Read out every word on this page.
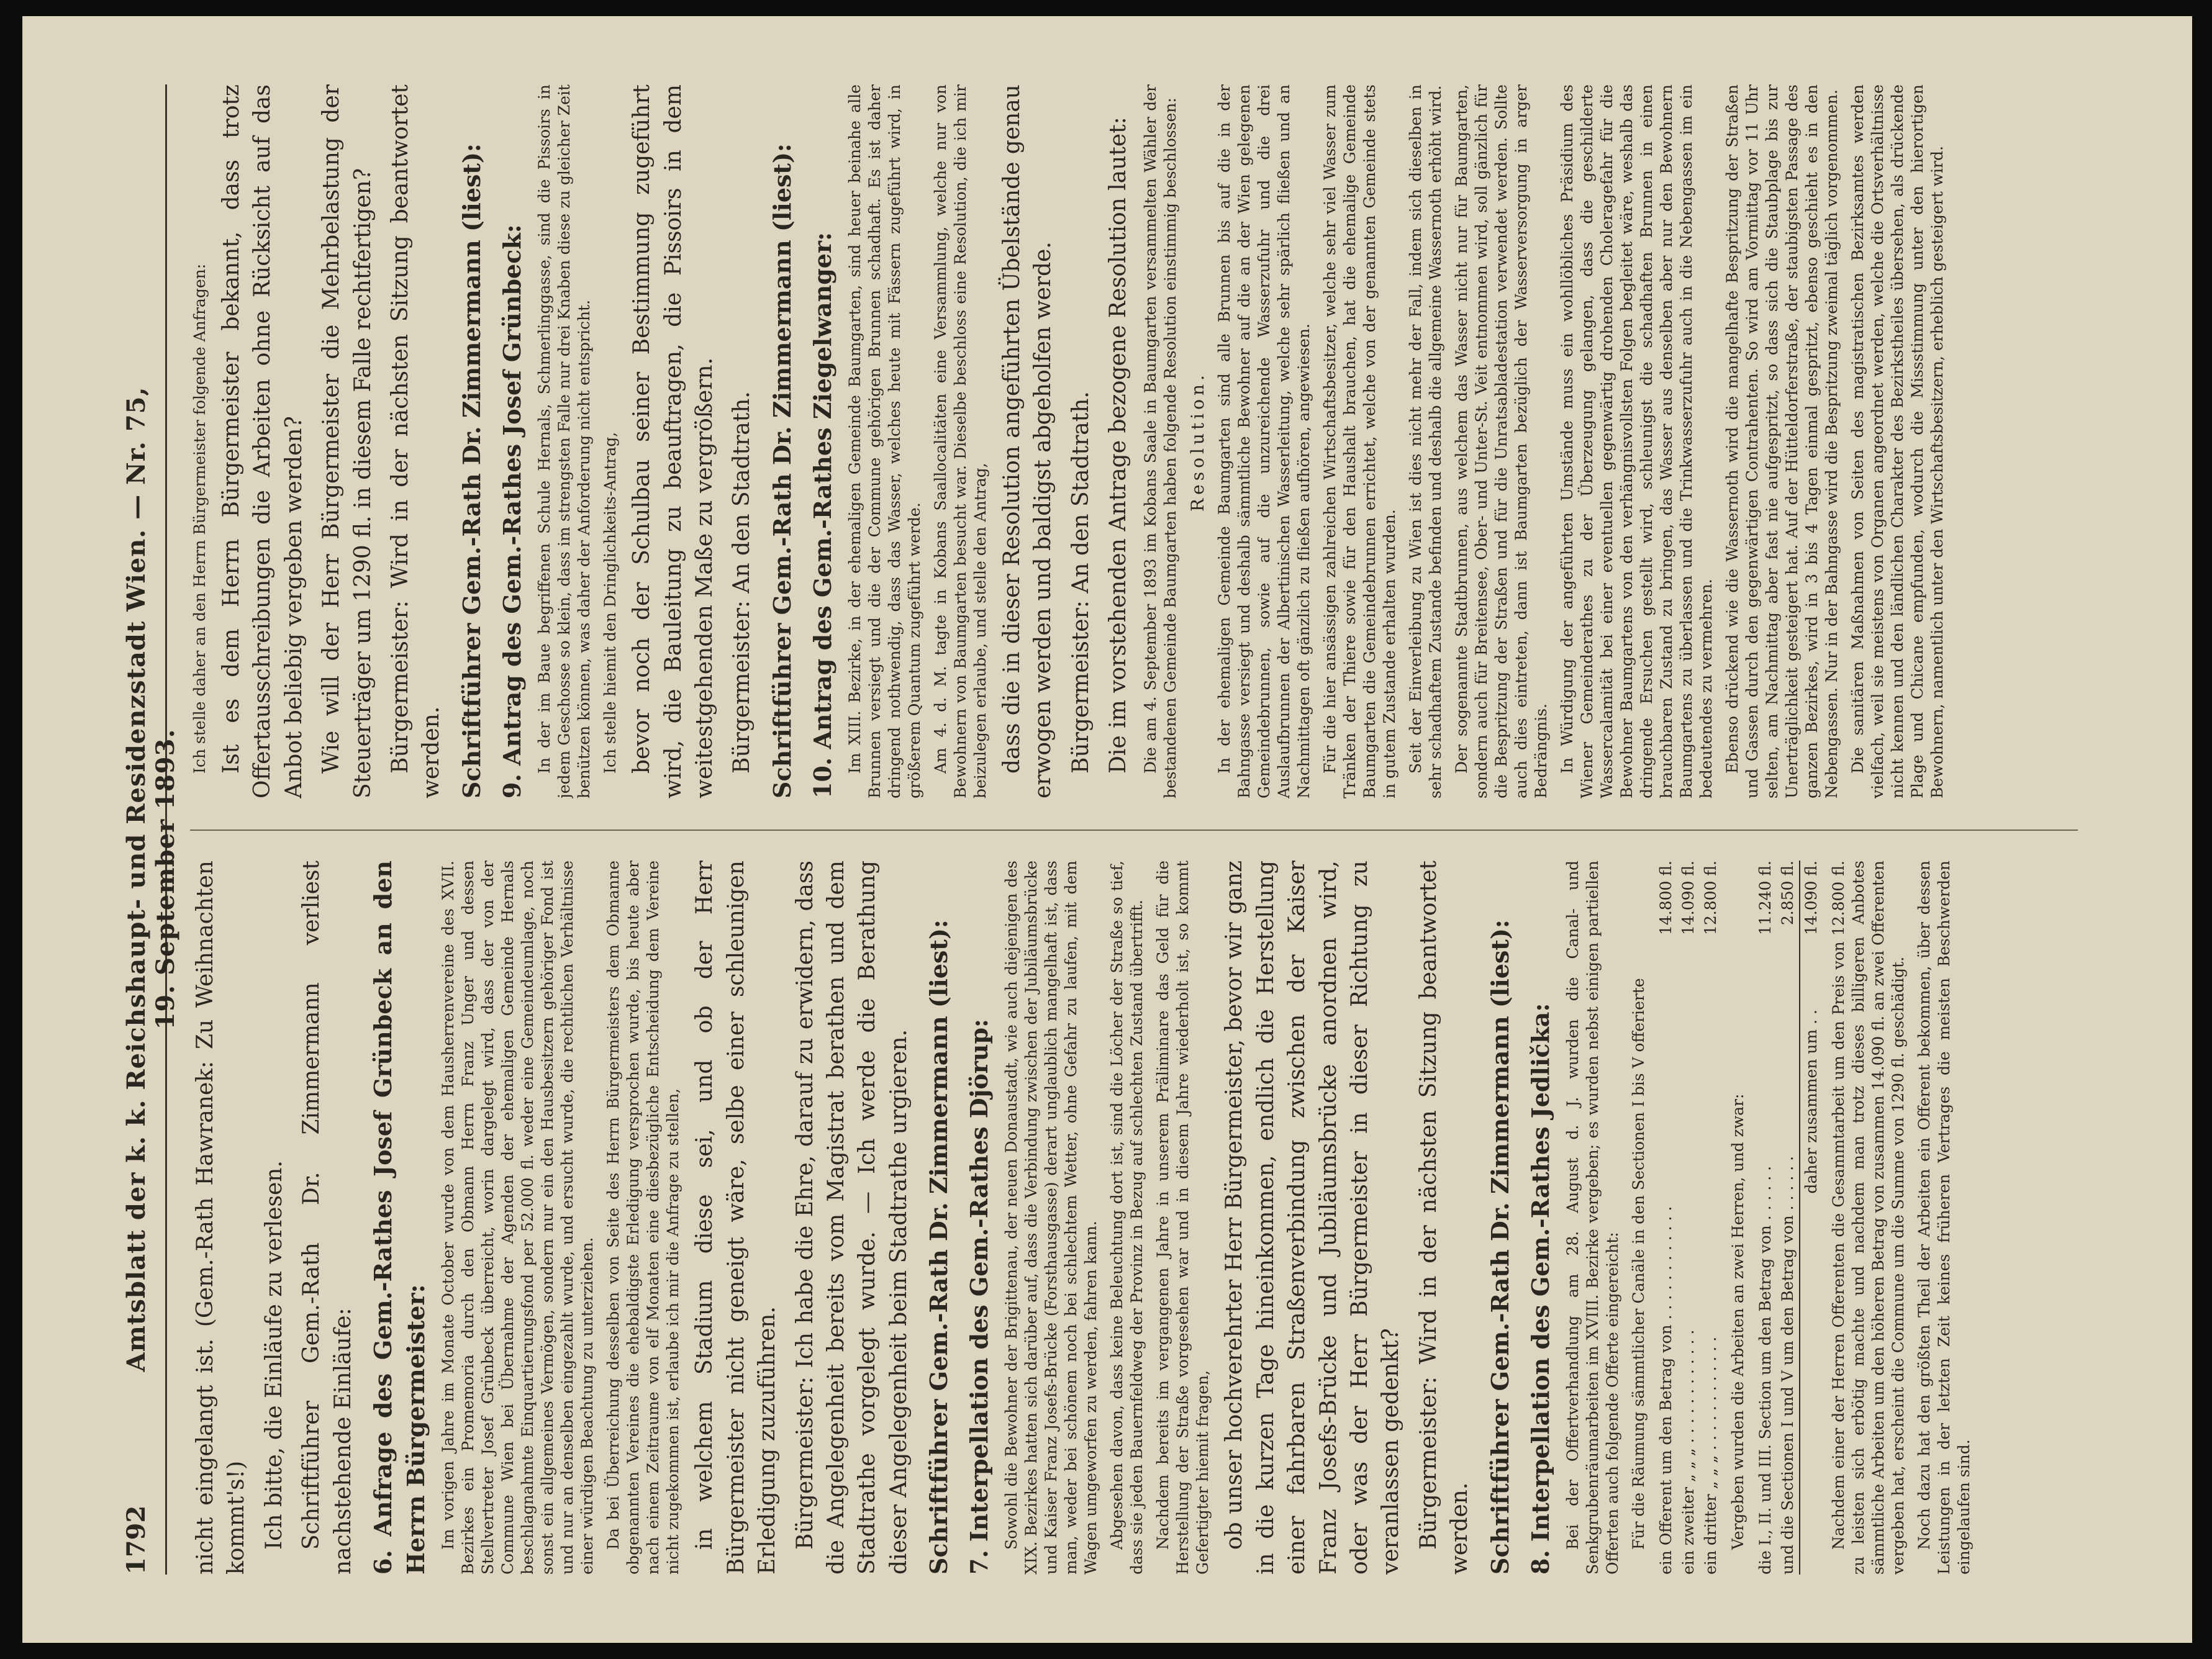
1792
Amtsblatt der k. k. Reichshaupt- und Residenzstadt Wien. — Nr. 75, 19. September 1893. nicht eingelangt ist. (Gem.-Rath Hawranek: Zu Weihnachten kommt's!) Ich bitte, die Einläufe zu verlesen. Schriftführer Gem.-Rath Dr. Zimmermann verliest nachstehende Einläufe: 6. Anfrage des Gem.-Rathes Josef Grünbeck an den Herrn Bürgermeister: Im vorigen Jahre im Monate October wurde von dem Hausherrenvereine des XVII. Bezirkes ein Promemoria durch den Obmann Herrn Franz Unger und dessen Stellvertreter Josef Grünbeck überreicht, worin dargelegt wird, dass der von der Commune Wien bei Übernahme der Agenden der ehemaligen Gemeinde Hernals beschlagnahmte Einquartierungsfond per 52.000 fl. weder eine Gemeindeumlage, noch sonst ein allgemeines Vermögen, sondern nur ein den Hausbesitzern gehöriger Fond ist und nur an denselben eingezahlt wurde, und ersucht wurde, die rechtlichen Verhältnisse einer würdigen Beachtung zu unterziehen. Da bei Überreichung desselben von Seite des Herrn Bürgermeisters dem Obmanne obgenannten Vereines die ehebaldigste Erledigung versprochen wurde, bis heute aber nach einem Zeitraume von elf Monaten eine diesbezügliche Entscheidung dem Vereine nicht zugekommen ist, erlaube ich mir die Anfrage zu stellen, in welchem Stadium diese sei, und ob der Herr Bürgermeister nicht geneigt wäre, selbe einer schleunigen Erledigung zuzuführen. Bürgermeister: Ich habe die Ehre, darauf zu erwidern, dass die Angelegenheit bereits vom Magistrat berathen und dem Stadtrathe vorgelegt wurde. — Ich werde die Berathung dieser Angelegenheit beim Stadtrathe urgieren. Schriftführer Gem.-Rath Dr. Zimmermann (liest): 7. Interpellation des Gem.-Rathes Djörup: Sowohl die Bewohner der Brigittenau, der neuen Donaustadt, wie auch diejenigen des XIX. Bezirkes hatten sich darüber auf, dass die Verbindung zwischen der Jubiläumsbrücke und Kaiser Franz Josefs-Brücke (Forsthausgasse) derart unglaublich mangelhaft ist, dass man, weder bei schönem noch bei schlechtem Wetter, ohne Gefahr zu laufen, mit dem Wagen umgeworfen zu werden, fahren kann. Abgesehen davon, dass keine Beleuchtung dort ist, sind die Löcher der Straße so tief, dass sie jeden Bauernfeldweg der Provinz in Bezug auf schlechten Zustand übertrifft. Nachdem bereits im vergangenen Jahre in unserem Präliminare das Geld für die Herstellung der Straße vorgesehen war und in diesem Jahre wiederholt ist, so kommt Gefertigter hiemit fragen, ob unser hochverehrter Herr Bürgermeister, bevor wir ganz in die kurzen Tage hineinkommen, endlich die Herstellung einer fahrbaren Straßenverbindung zwischen der Kaiser Franz Josefs-Brücke und Jubiläumsbrücke anordnen wird, oder was der Herr Bürgermeister in dieser Richtung zu veranlassen gedenkt? Bürgermeister: Wird in der nächsten Sitzung beantwortet werden. Schriftführer Gem.-Rath Dr. Zimmermann (liest): 8. Interpellation des Gem.-Rathes Jedlička: Bei der Offertverhandlung am 28. August d. J. wurden die Canal- und Senkgrubenräumarbeiten im XVIII. Bezirke vergeben; es wurden nebst einigen partiellen Offerten auch folgende Offerte eingereicht: Für die Räumung sämmtlicher Canäle in den Sectionen I bis V offerierte ein Offerent um den Betrag von . . . . . . . . . . . .	14.800 fl.
ein zweiter „ „ „ . . . . . . . . . . . .	14.090 fl.
ein dritter „ „ „ . . . . . . . . . . . .	12.800 fl.

Vergeben wurden die Arbeiten an zwei Herren, und zwar: die I., II. und III. Section um den Betrag von . . . . . .	11.240 fl.
und die Sectionen I und V um den Betrag von . . . . . .	2.850 fl.
daher zusammen um . .	14.090 fl. Nachdem einer der Herren Offerenten die Gesammtarbeit um den Preis von 12.800 fl. zu leisten sich erbötig machte und nachdem man trotz dieses billigeren Anbotes sämmtliche Arbeiten um den höheren Betrag von zusammen 14.090 fl. an zwei Offerenten vergeben hat, erscheint die Commune um die Summe von 1290 fl. geschädigt. Noch dazu hat den größten Theil der Arbeiten ein Offerent bekommen, über dessen Leistungen in der letzten Zeit keines früheren Vertrages die meisten Beschwerden eingelaufen sind.

Ich stelle daher an den Herrn Bürgermeister folgende Anfragen: Ist es dem Herrn Bürgermeister bekannt, dass trotz Offertausschreibungen die Arbeiten ohne Rücksicht auf das Anbot beliebig vergeben werden? Wie will der Herr Bürgermeister die Mehrbelastung der Steuerträger um 1290 fl. in diesem Falle rechtfertigen? Bürgermeister: Wird in der nächsten Sitzung beantwortet werden. Schriftführer Gem.-Rath Dr. Zimmermann (liest): 9. Antrag des Gem.-Rathes Josef Grünbeck: In der im Baue begriffenen Schule Hernals, Schmerlinggasse, sind die Pissoirs in jedem Geschosse so klein, dass im strengsten Falle nur drei Knaben diese zu gleicher Zeit benützen können, was daher der Anforderung nicht entspricht. Ich stelle hiemit den Dringlichkeits-Antrag, bevor noch der Schulbau seiner Bestimmung zugeführt wird, die Bauleitung zu beauftragen, die Pissoirs in dem weitestgehenden Maße zu vergrößern. Bürgermeister: An den Stadtrath. Schriftführer Gem.-Rath Dr. Zimmermann (liest): 10. Antrag des Gem.-Rathes Ziegelwanger: Im XIII. Bezirke, in der ehemaligen Gemeinde Baumgarten, sind heuer beinahe alle Brunnen versiegt und die der Commune gehörigen Brunnen schadhaft. Es ist daher dringend nothwendig, dass das Wasser, welches heute mit Fässern zugeführt wird, in größerem Quantum zugeführt werde. Am 4. d. M. tagte in Kobans Saallocalitäten eine Versammlung, welche nur von Bewohnern von Baumgarten besucht war. Dieselbe beschloss eine Resolution, die ich mir beizulegen erlaube, und stelle den Antrag, dass die in dieser Resolution angeführten Übelstände genau erwogen werden und baldigst abgeholfen werde. Bürgermeister: An den Stadtrath. Die im vorstehenden Antrage bezogene Resolution lautet: Die am 4. September 1893 im Kobans Saale in Baumgarten versammelten Wähler der bestandenen Gemeinde Baumgarten haben folgende Resolution einstimmig beschlossen: Resolution. In der ehemaligen Gemeinde Baumgarten sind alle Brunnen bis auf die in der Bahngasse versiegt und deshalb sämmtliche Bewohner auf die an der Wien gelegenen Gemeindebrunnen, sowie auf die unzureichende Wasserzufuhr und die drei Auslaufbrunnen der Albertinischen Wasserleitung, welche sehr spärlich fließen und an Nachmittagen oft gänzlich zu fließen aufhören, angewiesen. Für die hier ansässigen zahlreichen Wirtschaftsbesitzer, welche sehr viel Wasser zum Tränken der Thiere sowie für den Haushalt brauchen, hat die ehemalige Gemeinde Baumgarten die Gemeindebrunnen errichtet, welche von der genannten Gemeinde stets in gutem Zustande erhalten wurden. Seit der Einverleibung zu Wien ist dies nicht mehr der Fall, indem sich dieselben in sehr schadhaftem Zustande befinden und deshalb die allgemeine Wassernoth erhöht wird. Der sogenannte Stadtbrunnen, aus welchem das Wasser nicht nur für Baumgarten, sondern auch für Breitensee, Ober- und Unter-St. Veit entnommen wird, soll gänzlich für die Bespritzung der Straßen und für die Unratsabladestation verwendet werden. Sollte auch dies eintreten, dann ist Baumgarten bezüglich der Wasserversorgung in arger Bedrängnis. In Würdigung der angeführten Umstände muss ein wohllöbliches Präsidium des Wiener Gemeinderathes zu der Überzeugung gelangen, dass die geschilderte Wassercalamität bei einer eventuellen gegenwärtig drohenden Choleragefahr für die Bewohner Baumgartens von den verhängnisvollsten Folgen begleitet wäre, weshalb das dringende Ersuchen gestellt wird, schleunigst die schadhaften Brunnen in einen brauchbaren Zustand zu bringen, das Wasser aus denselben aber nur den Bewohnern Baumgartens zu überlassen und die Trinkwasserzufuhr auch in die Nebengassen im ein bedeutendes zu vermehren. Ebenso drückend wie die Wassernoth wird die mangelhafte Bespritzung der Straßen und Gassen durch den gegenwärtigen Contrahenten. So wird am Vormittag vor 11 Uhr selten, am Nachmittag aber fast nie aufgespritzt, so dass sich die Staubplage bis zur Unerträglichkeit gesteigert hat. Auf der Hütteldorferstraße, der staubigsten Passage des ganzen Bezirkes, wird in 3 bis 4 Tagen einmal gespritzt, ebenso geschieht es in den Nebengassen. Nur in der Bahngasse wird die Bespritzung zweimal täglich vorgenommen. Die sanitären Maßnahmen von Seiten des magistratischen Bezirksamtes werden vielfach, weil sie meistens von Organen angeordnet werden, welche die Ortsverhältnisse nicht kennen und den ländlichen Charakter des Bezirkstheiles übersehen, als drückende Plage und Chicane empfunden, wodurch die Missstimmung unter den hierortigen Bewohnern, namentlich unter den Wirtschaftsbesitzern, erheblich gesteigert wird.
